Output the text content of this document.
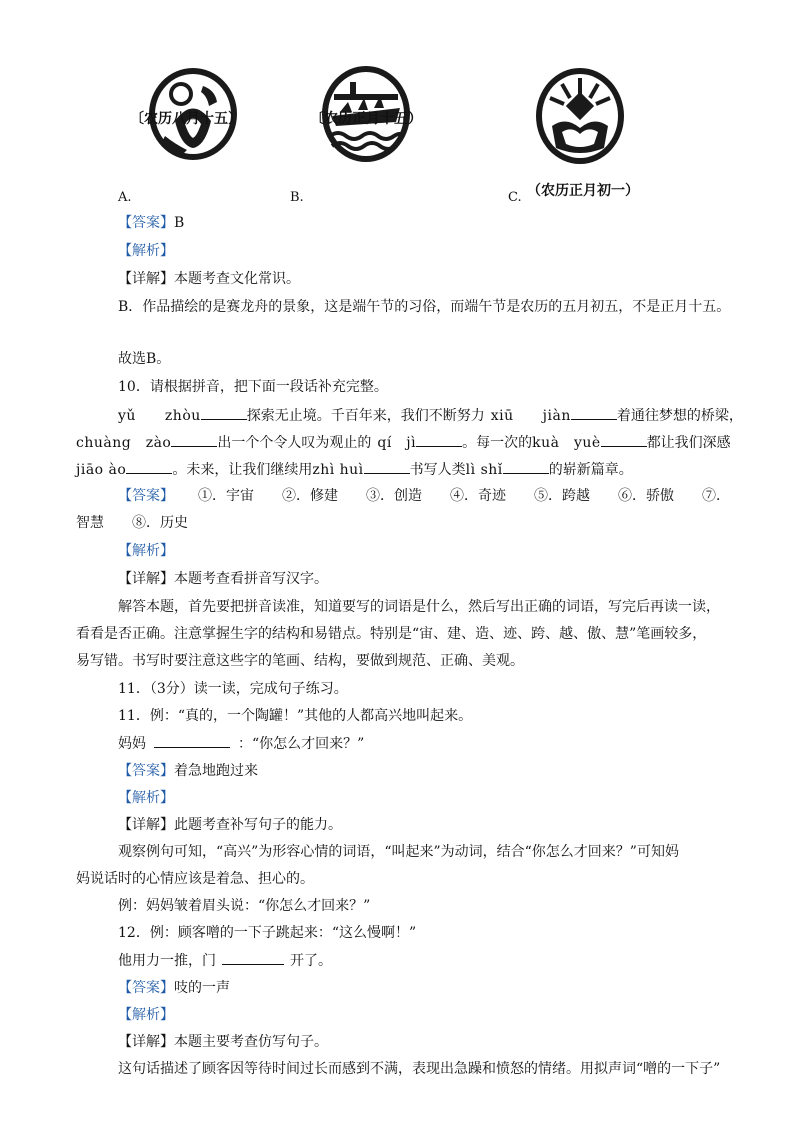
〔农历八月十五）
A.
〔农历正月十五）
B.	（农历正月初一）
C.
【答案】B
【解析】
【详解】本题考查文化常识。
B．作品描绘的是赛龙舟的景象，这是端午节的习俗，而端午节是农历的五月初五，不是正月十五。
故选B。
10．请根据拼音，把下面一段话补充完整。
yǔ　　zhòu	探索无止境。千百年来，我们不断努力 xiū　　jiàn	着通往梦想的桥梁，
chuàng　zào	出一个个令人叹为观止的 qí　jì	。每一次的kuà　yuè	都让我们深感
jiāo ào	。未来，让我们继续用zhì huì	书写人类lì shǐ	的崭新篇章。
【答案】 ①．宇宙　　②．修建　　③．创造　　④．奇迹　　⑤．跨越　　⑥．骄傲　　⑦．
智慧　　⑧．历史
【解析】
【详解】本题考查看拼音写汉字。
解答本题，首先要把拼音读准，知道要写的词语是什么，然后写出正确的词语，写完后再读一读，
看看是否正确。注意掌握生字的结构和易错点。特别是“宙、建、造、迹、跨、越、傲、慧”笔画较多，
易写错。书写时要注意这些字的笔画、结构，要做到规范、正确、美观。
11．（3分）读一读，完成句子练习。
11．例：“真的，一个陶罐！”其他的人都高兴地叫起来。
妈妈	：“你怎么才回来？”
【答案】着急地跑过来
【解析】
【详解】此题考查补写句子的能力。
观察例句可知，“高兴”为形容心情的词语，“叫起来”为动词，结合“你怎么才回来？”可知妈
妈说话时的心情应该是着急、担心的。
例：妈妈皱着眉头说：“你怎么才回来？”
12．例：顾客噌的一下子跳起来：“这么慢啊！”
他用力一推，门	开了。
【答案】吱的一声
【解析】
【详解】本题主要考查仿写句子。
这句话描述了顾客因等待时间过长而感到不满，表现出急躁和愤怒的情绪。用拟声词“噌的一下子”
